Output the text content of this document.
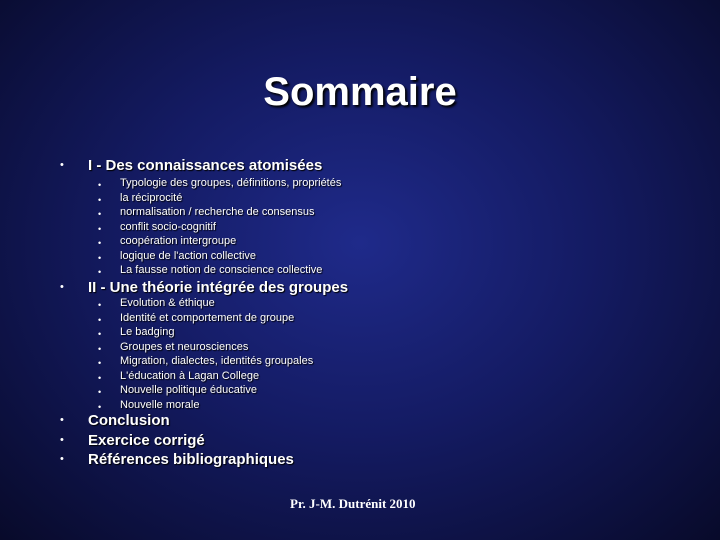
Sommaire
• I - Des connaissances atomisées
• Typologie des groupes, définitions, propriétés
• la réciprocité
• normalisation / recherche de consensus
• conflit socio-cognitif
• coopération intergroupe
• logique de l'action collective
• La fausse notion de conscience collective
• II - Une théorie intégrée des groupes
• Evolution & éthique
• Identité et comportement de groupe
• Le badging
• Groupes et neurosciences
• Migration, dialectes, identités groupales
• L'éducation à Lagan College
• Nouvelle politique éducative
• Nouvelle morale
• Conclusion
• Exercice corrigé
• Références bibliographiques
Pr. J-M. Dutrénit 2010
